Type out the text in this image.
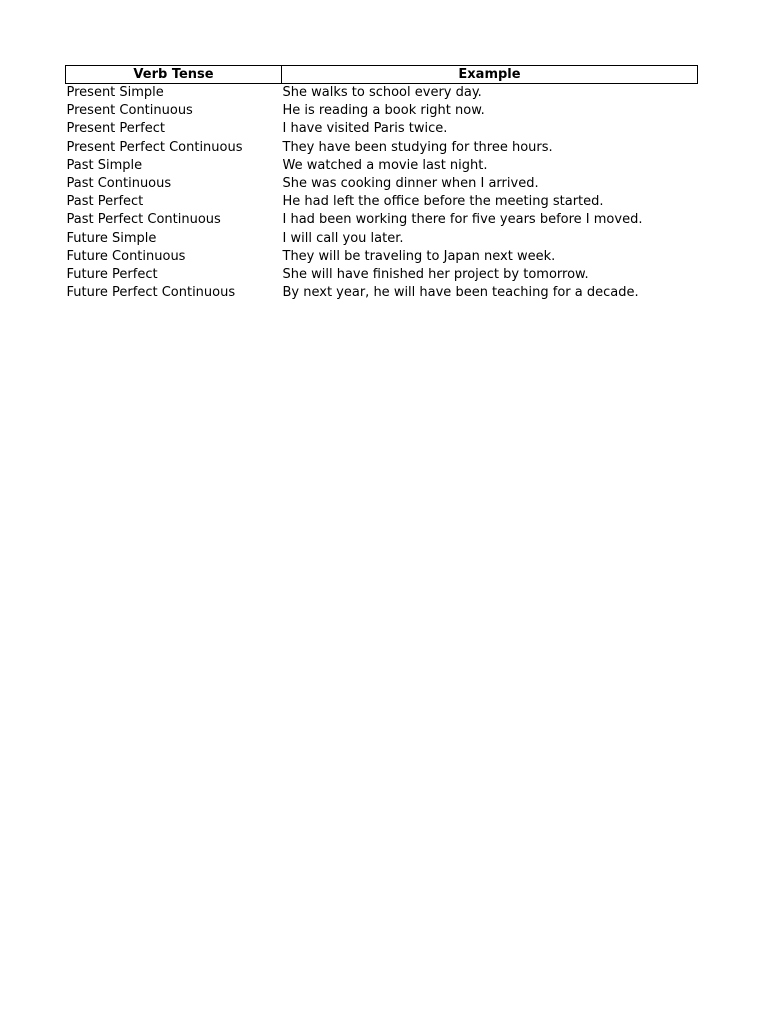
Verb Tense	Example
Present Simple	She walks to school every day.
Present Continuous	He is reading a book right now.
Present Perfect	I have visited Paris twice.
Present Perfect Continuous	They have been studying for three hours.
Past Simple	We watched a movie last night.
Past Continuous	She was cooking dinner when I arrived.
Past Perfect	He had left the office before the meeting started.
Past Perfect Continuous	I had been working there for five years before I moved.
Future Simple	I will call you later.
Future Continuous	They will be traveling to Japan next week.
Future Perfect	She will have finished her project by tomorrow.
Future Perfect Continuous	By next year, he will have been teaching for a decade.
